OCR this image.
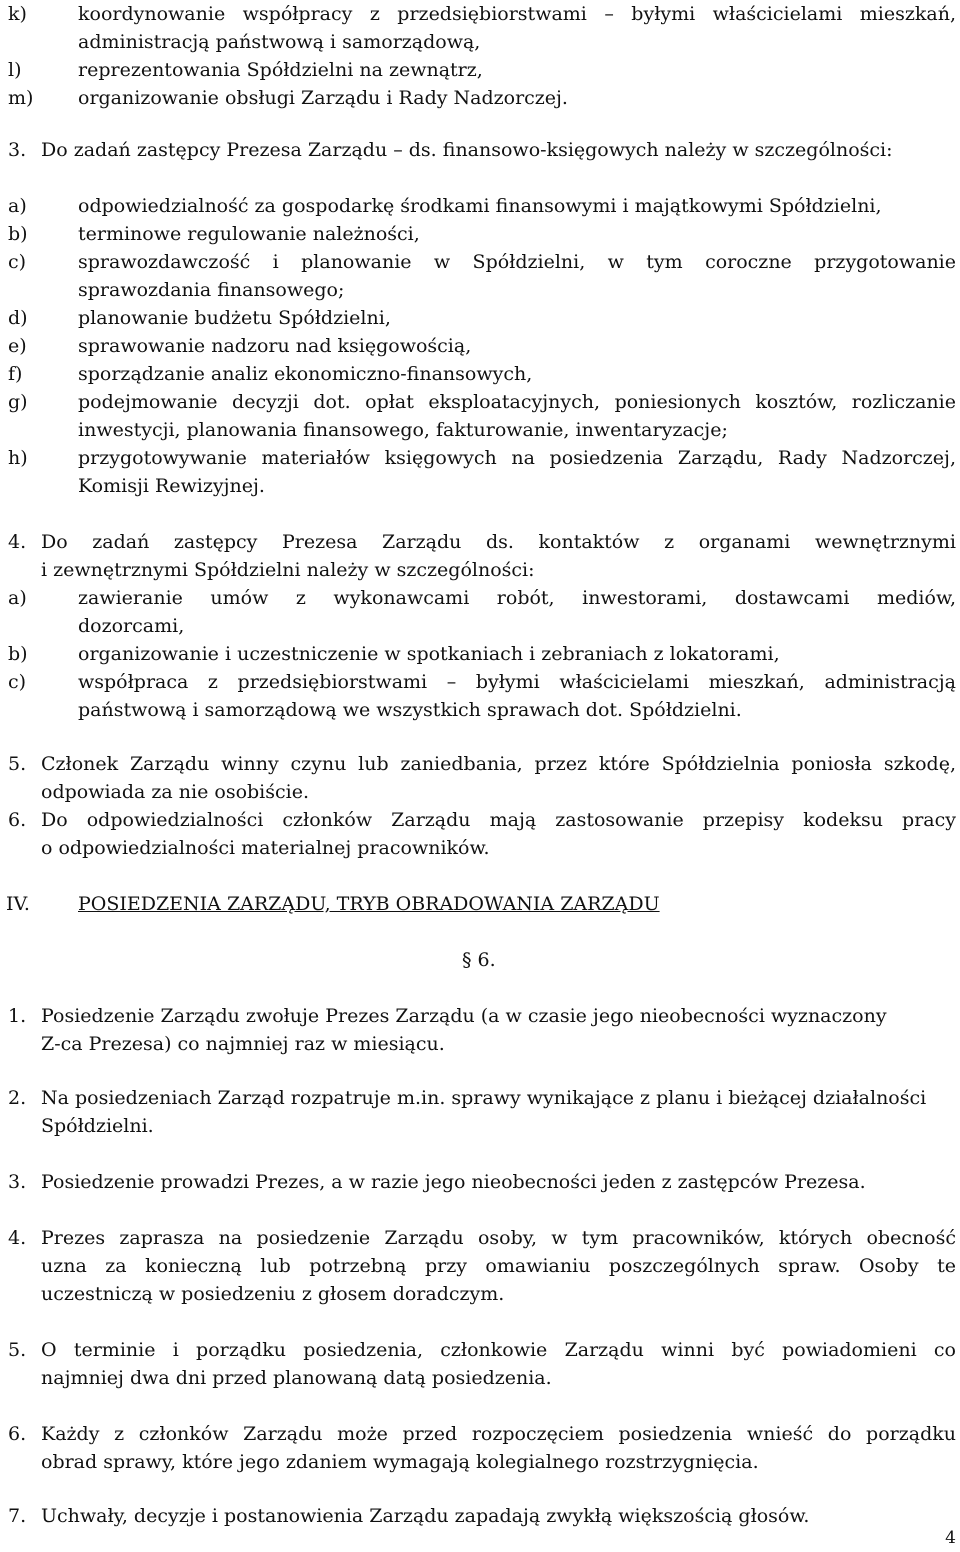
k)	koordynowanie współpracy z przedsiębiorstwami – byłymi właścicielami mieszkań,
administracją państwową i samorządową,
l)	reprezentowania Spółdzielni na zewnątrz,
m) organizowanie obsługi Zarządu i Rady Nadzorczej.
3. Do zadań zastępcy Prezesa Zarządu – ds. finansowo-księgowych należy w szczególności:
a)	odpowiedzialność za gospodarkę środkami finansowymi i majątkowymi Spółdzielni,
b)	terminowe regulowanie należności,
c)	sprawozdawczość i planowanie w Spółdzielni, w tym coroczne przygotowanie
sprawozdania finansowego;
d)	planowanie budżetu Spółdzielni,
e)	sprawowanie nadzoru nad księgowością,
f)	sporządzanie analiz ekonomiczno-finansowych,
g)	podejmowanie decyzji dot. opłat eksploatacyjnych, poniesionych kosztów, rozliczanie
inwestycji, planowania finansowego, fakturowanie, inwentaryzacje;
h)	przygotowywanie materiałów księgowych na posiedzenia Zarządu, Rady Nadzorczej,
Komisji Rewizyjnej.
4. Do zadań zastępcy Prezesa Zarządu ds. kontaktów z organami wewnętrznymi
i zewnętrznymi Spółdzielni należy w szczególności:
a)	zawieranie umów z wykonawcami robót, inwestorami, dostawcami mediów,
dozorcami,
b)	organizowanie i uczestniczenie w spotkaniach i zebraniach z lokatorami,
c)	współpraca z przedsiębiorstwami – byłymi właścicielami mieszkań, administracją
państwową i samorządową we wszystkich sprawach dot. Spółdzielni.
5. Członek Zarządu winny czynu lub zaniedbania, przez które Spółdzielnia poniosła szkodę,
odpowiada za nie osobiście.
6. Do odpowiedzialności członków Zarządu mają zastosowanie przepisy kodeksu pracy
o odpowiedzialności materialnej pracowników.
IV.	POSIEDZENIA ZARZĄDU, TRYB OBRADOWANIA ZARZĄDU
§ 6.
1. Posiedzenie Zarządu zwołuje Prezes Zarządu (a w czasie jego nieobecności wyznaczony
Z-ca Prezesa) co najmniej raz w miesiącu.
2. Na posiedzeniach Zarząd rozpatruje m.in. sprawy wynikające z planu i bieżącej działalności
Spółdzielni.
3. Posiedzenie prowadzi Prezes, a w razie jego nieobecności jeden z zastępców Prezesa.
4. Prezes zaprasza na posiedzenie Zarządu osoby, w tym pracowników, których obecność
uzna za konieczną lub potrzebną przy omawianiu poszczególnych spraw. Osoby te
uczestniczą w posiedzeniu z głosem doradczym.
5. O terminie i porządku posiedzenia, członkowie Zarządu winni być powiadomieni co
najmniej dwa dni przed planowaną datą posiedzenia.
6. Każdy z członków Zarządu może przed rozpoczęciem posiedzenia wnieść do porządku
obrad sprawy, które jego zdaniem wymagają kolegialnego rozstrzygnięcia.
7. Uchwały, decyzje i postanowienia Zarządu zapadają zwykłą większością głosów.
4
